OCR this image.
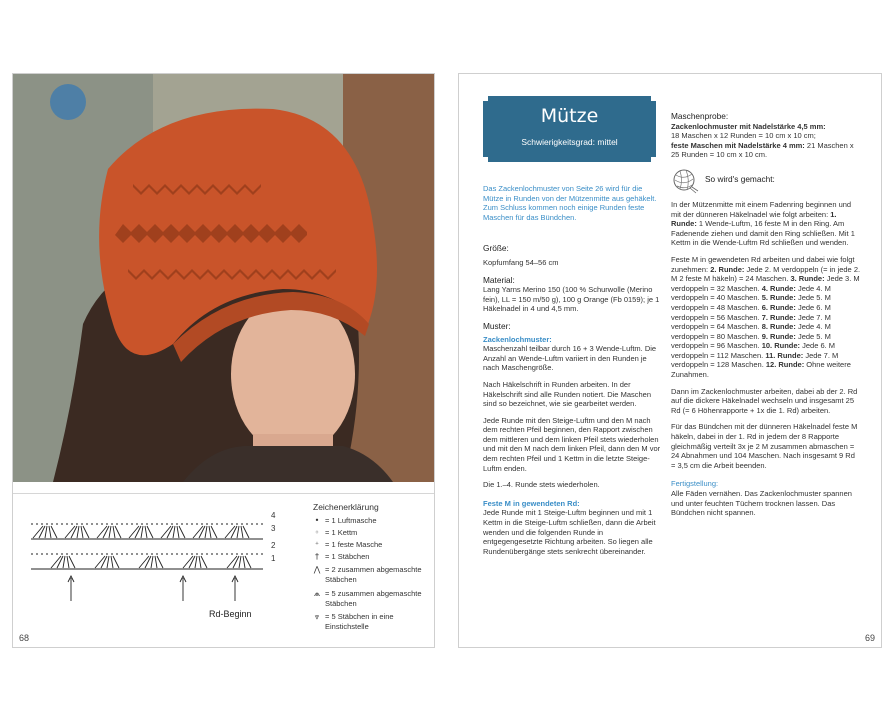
4
3
2
1
Rd-Beginn
Zeichenerklärung
• = 1 Luftmasche
◦ = 1 Kettm
⁺ = 1 feste Masche
† = 1 Stäbchen
⋀ = 2 zusammen abgemaschte Stäbchen
⩕ = 5 zusammen abgemaschte Stäbchen
⩔ = 5 Stäbchen in eine Einstichstelle
68
Mütze
Schwierigkeitsgrad: mittel
Das Zackenlochmuster von Seite 26 wird für die Mütze in Runden von der Mützenmitte aus gehäkelt. Zum Schluss kommen noch einige Runden feste Maschen für das Bündchen.
Größe:
Kopfumfang 54–56 cm
Material:
Lang Yarns Merino 150 (100 % Schurwolle (Merino fein), LL = 150 m/50 g), 100 g Orange (Fb 0159); je 1 Häkelnadel in 4 und 4,5 mm.
Muster:
Zackenlochmuster:
Maschenzahl teilbar durch 16 + 3 Wende-Luftm. Die Anzahl an Wende-Luftm variiert in den Runden je nach Maschengröße.
Nach Häkelschrift in Runden arbeiten. In der Häkelschrift sind alle Runden notiert. Die Maschen sind so bezeichnet, wie sie gearbeitet werden.
Jede Runde mit den Steige-Luftm und den M nach dem rechten Pfeil beginnen, den Rapport zwischen dem mittleren und dem linken Pfeil stets wiederholen und mit den M nach dem linken Pfeil, dann den M vor dem rechten Pfeil und 1 Kettm in die letzte Steige-Luftm enden.
Die 1.–4. Runde stets wiederholen.
Feste M in gewendeten Rd:
Jede Runde mit 1 Steige-Luftm beginnen und mit 1 Kettm in die Steige-Luftm schließen, dann die Arbeit wenden und die folgenden Runde in entgegengesetzte Richtung arbeiten. So liegen alle Rundenübergänge stets senkrecht übereinander.
Maschenprobe:
Zackenlochmuster mit Nadelstärke 4,5 mm:
18 Maschen x 12 Runden = 10 cm x 10 cm;
feste Maschen mit Nadelstärke 4 mm: 21 Maschen x 25 Runden = 10 cm x 10 cm.
So wird's gemacht:
In der Mützenmitte mit einem Fadenring beginnen und mit der dünneren Häkelnadel wie folgt arbeiten: 1. Runde: 1 Wende-Luftm, 16 feste M in den Ring. Am Fadenende ziehen und damit den Ring schließen. Mit 1 Kettm in die Wende-Luftm Rd schließen und wenden.
Feste M in gewendeten Rd arbeiten und dabei wie folgt zunehmen: 2. Runde: Jede 2. M verdoppeln (= in jede 2. M 2 feste M häkeln) = 24 Maschen. 3. Runde: Jede 3. M verdoppeln = 32 Maschen. 4. Runde: Jede 4. M verdoppeln = 40 Maschen. 5. Runde: Jede 5. M verdoppeln = 48 Maschen. 6. Runde: Jede 6. M verdoppeln = 56 Maschen. 7. Runde: Jede 7. M verdoppeln = 64 Maschen. 8. Runde: Jede 4. M verdoppeln = 80 Maschen. 9. Runde: Jede 5. M verdoppeln = 96 Maschen. 10. Runde: Jede 6. M verdoppeln = 112 Maschen. 11. Runde: Jede 7. M verdoppeln = 128 Maschen. 12. Runde: Ohne weitere Zunahmen.
Dann im Zackenlochmuster arbeiten, dabei ab der 2. Rd auf die dickere Häkelnadel wechseln und insgesamt 25 Rd (= 6 Höhenrapporte + 1x die 1. Rd) arbeiten.
Für das Bündchen mit der dünneren Häkelnadel feste M häkeln, dabei in der 1. Rd in jedem der 8 Rapporte gleichmäßig verteilt 3x je 2 M zusammen abmaschen = 24 Abnahmen und 104 Maschen. Nach insgesamt 9 Rd = 3,5 cm die Arbeit beenden.
Fertigstellung:
Alle Fäden vernähen. Das Zackenlochmuster spannen und unter feuchten Tüchern trocknen lassen. Das Bündchen nicht spannen.
69
